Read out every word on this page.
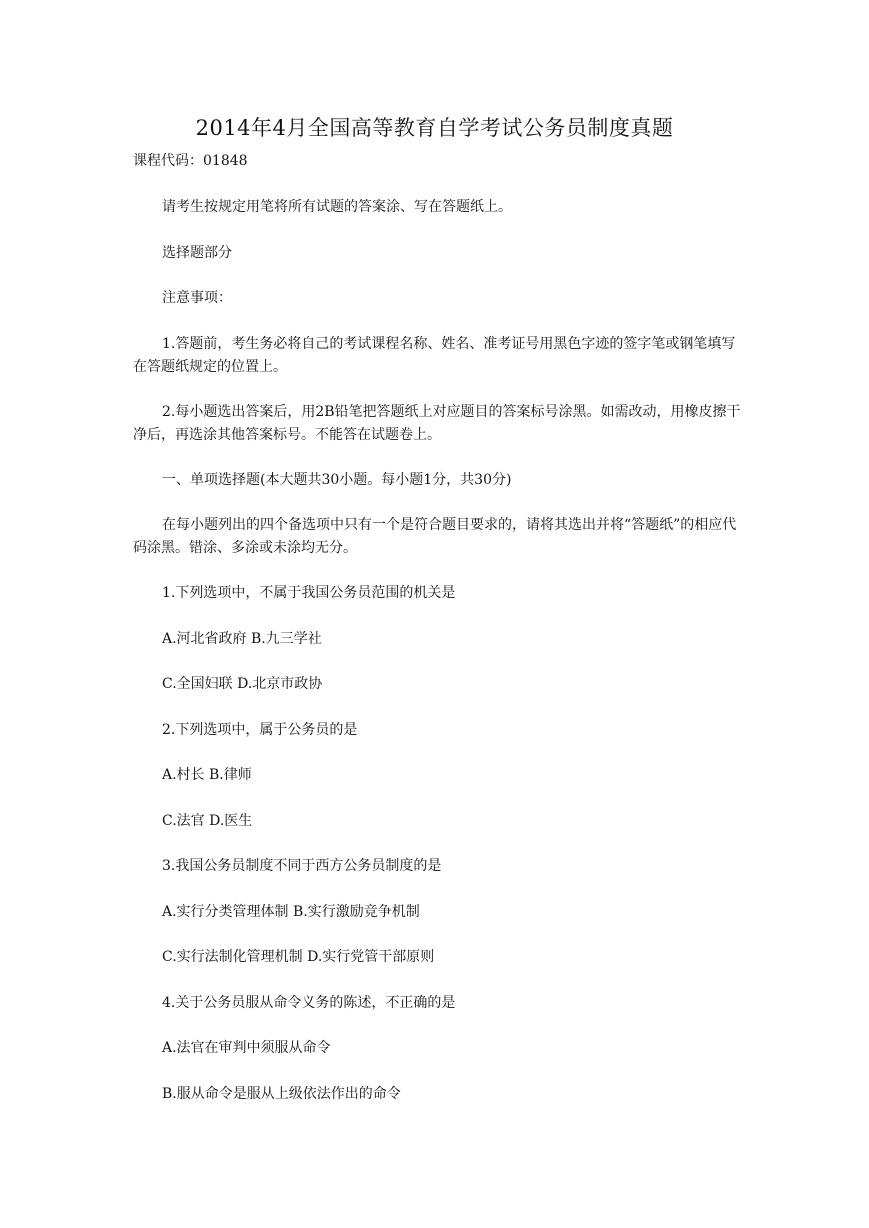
2014年4月全国高等教育自学考试公务员制度真题
课程代码：01848

请考生按规定用笔将所有试题的答案涂、写在答题纸上。

选择题部分

注意事项：

1.答题前，考生务必将自己的考试课程名称、姓名、准考证号用黑色字迹的签字笔或钢笔填写在答题纸规定的位置上。

2.每小题选出答案后，用2B铅笔把答题纸上对应题目的答案标号涂黑。如需改动，用橡皮擦干净后，再选涂其他答案标号。不能答在试题卷上。

一、单项选择题(本大题共30小题。每小题1分，共30分)

在每小题列出的四个备选项中只有一个是符合题目要求的，请将其选出并将“答题纸”的相应代码涂黑。错涂、多涂或未涂均无分。

1.下列选项中，不属于我国公务员范围的机关是

A.河北省政府 B.九三学社

C.全国妇联 D.北京市政协

2.下列选项中，属于公务员的是

A.村长 B.律师

C.法官 D.医生

3.我国公务员制度不同于西方公务员制度的是

A.实行分类管理体制 B.实行激励竞争机制

C.实行法制化管理机制 D.实行党管干部原则

4.关于公务员服从命令义务的陈述，不正确的是

A.法官在审判中须服从命令

B.服从命令是服从上级依法作出的命令
